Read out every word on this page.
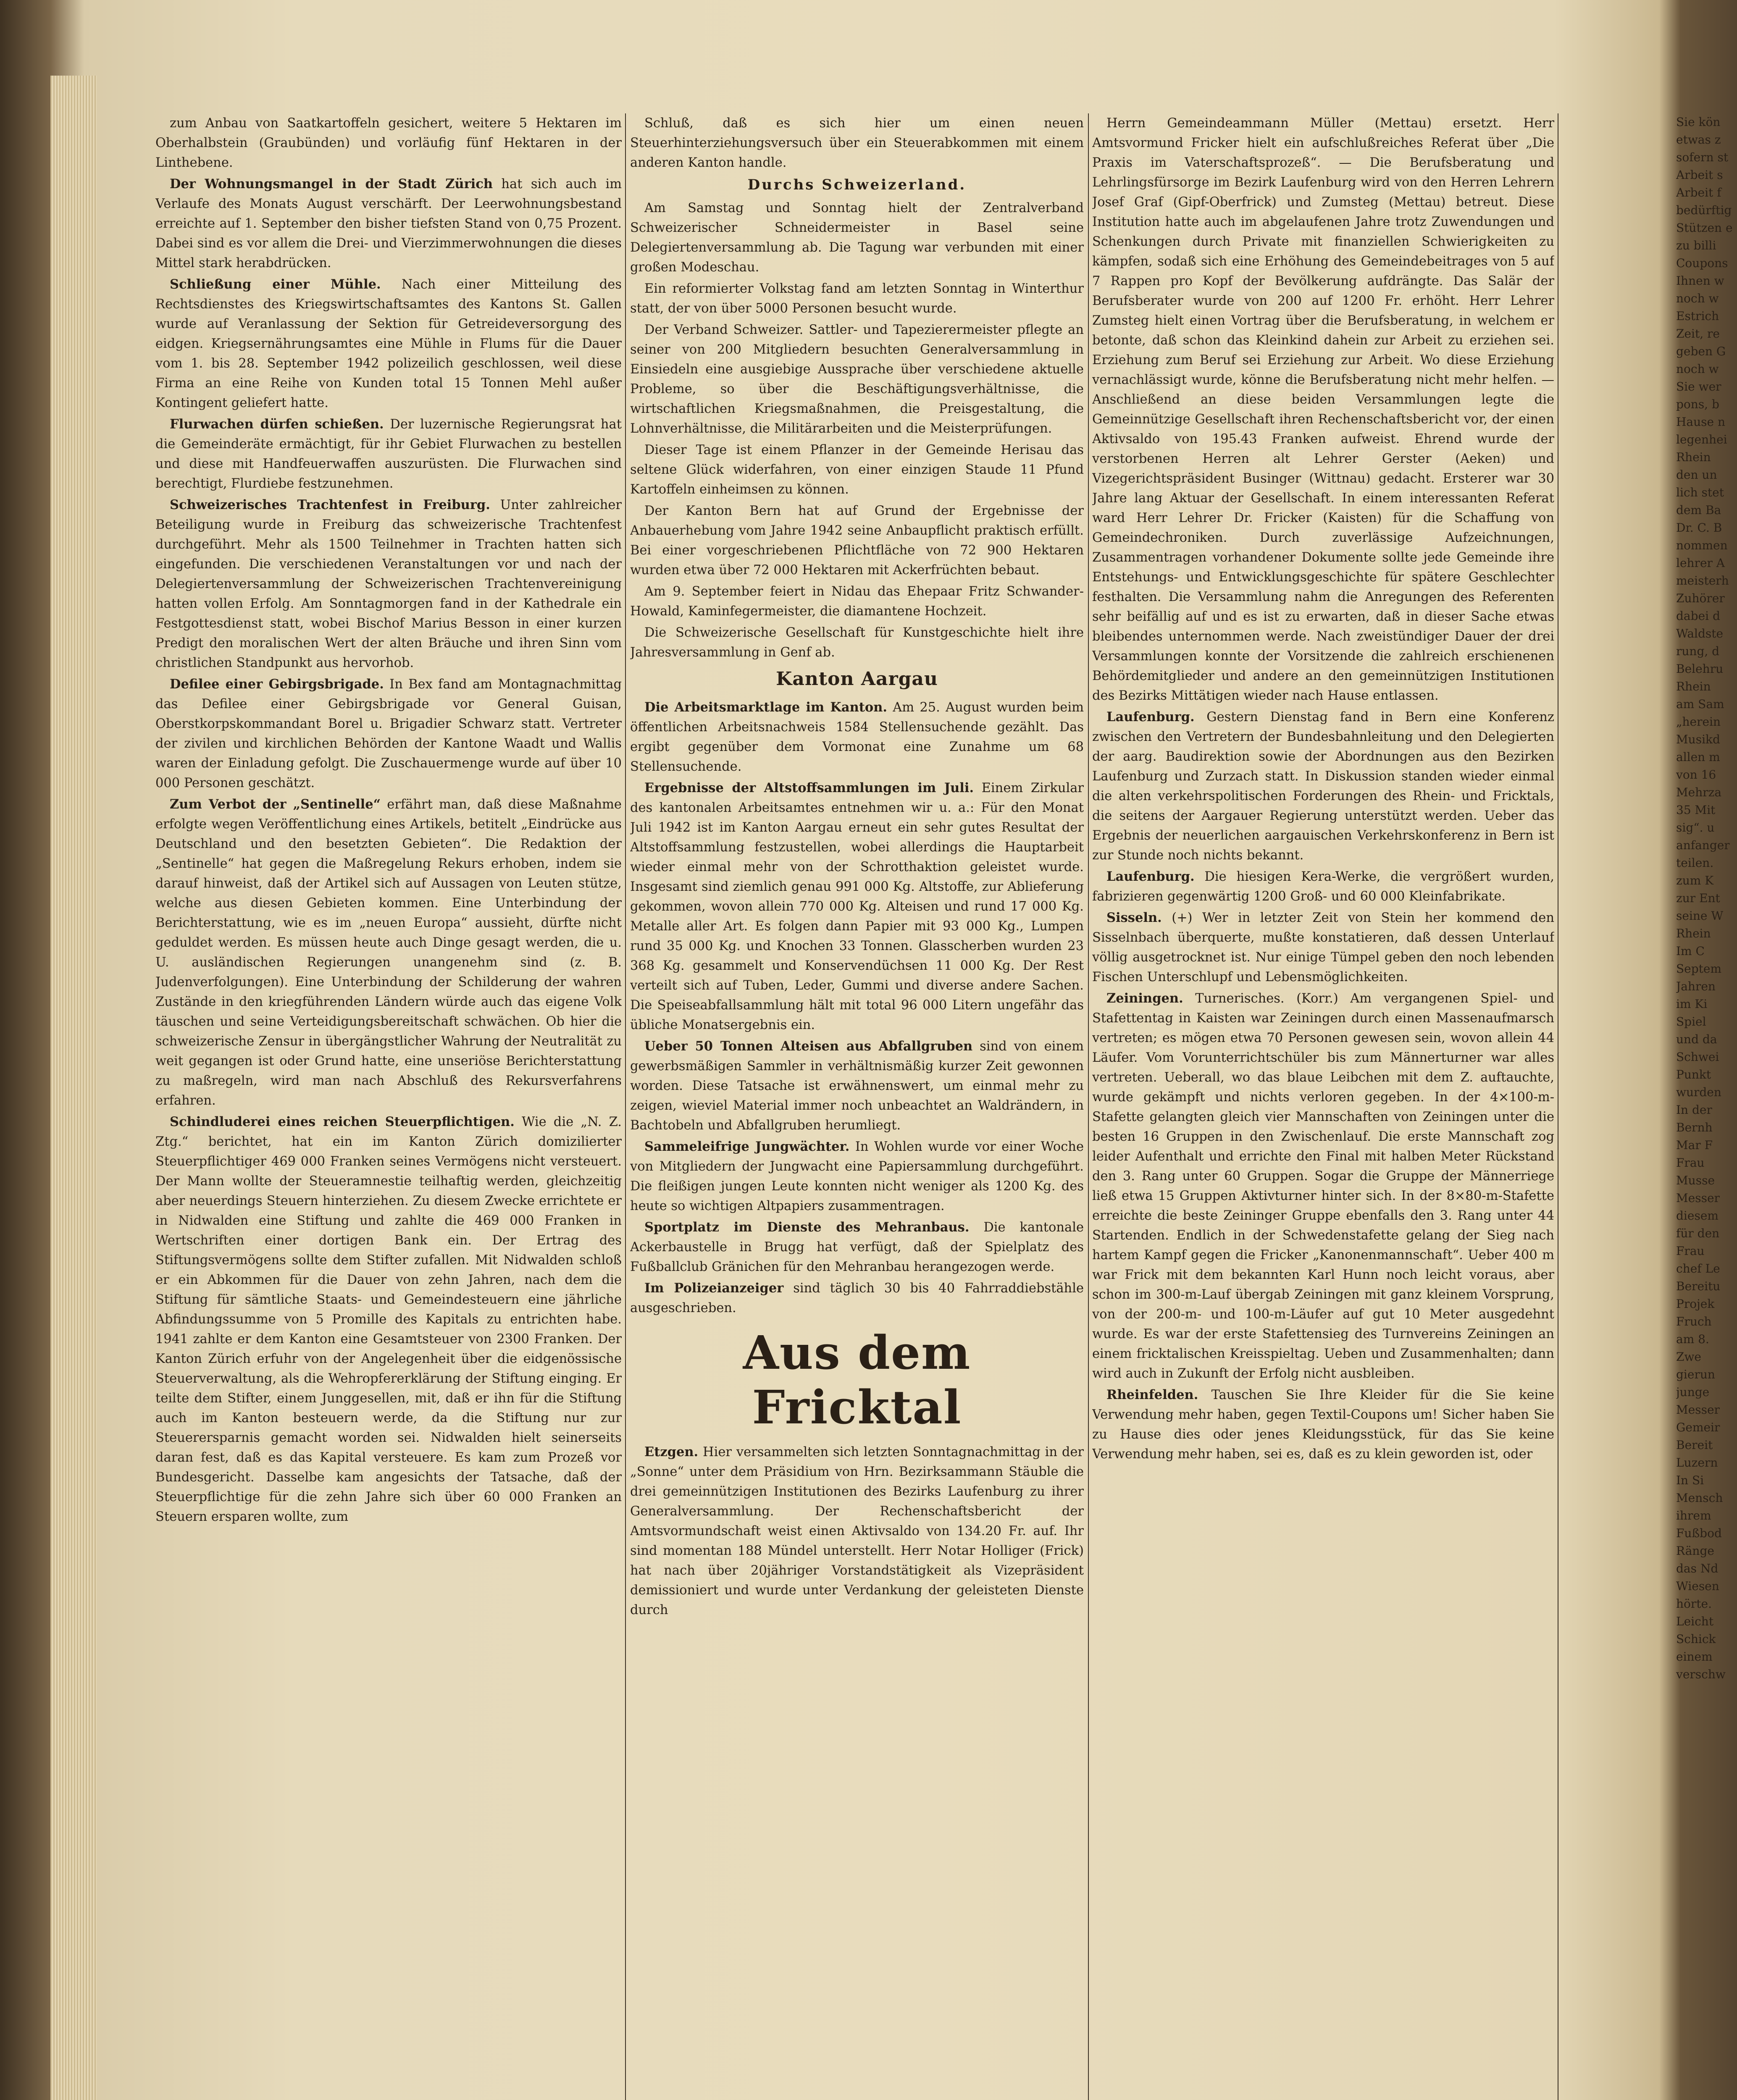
zum Anbau von Saatkartoffeln gesichert, weitere 5 Hektaren im Oberhalbstein (Graubünden) und vorläufig fünf Hektaren in der Linthebene.

Der Wohnungsmangel in der Stadt Zürich hat sich auch im Verlaufe des Monats August verschärft. Der Leerwohnungsbestand erreichte auf 1. September den bisher tiefsten Stand von 0,75 Prozent. Dabei sind es vor allem die Drei- und Vierzimmerwohnungen die dieses Mittel stark herabdrücken.

Schließung einer Mühle. Nach einer Mitteilung des Rechtsdienstes des Kriegswirtschaftsamtes des Kantons St. Gallen wurde auf Veranlassung der Sektion für Getreideversorgung des eidgen. Kriegsernährungsamtes eine Mühle in Flums für die Dauer vom 1. bis 28. September 1942 polizeilich geschlossen, weil diese Firma an eine Reihe von Kunden total 15 Tonnen Mehl außer Kontingent geliefert hatte.

Flurwachen dürfen schießen. Der luzernische Regierungsrat hat die Gemeinderäte ermächtigt, für ihr Gebiet Flurwachen zu bestellen und diese mit Handfeuerwaffen auszurüsten. Die Flurwachen sind berechtigt, Flurdiebe festzunehmen.

Schweizerisches Trachtenfest in Freiburg. Unter zahlreicher Beteiligung wurde in Freiburg das schweizerische Trachtenfest durchgeführt. Mehr als 1500 Teilnehmer in Trachten hatten sich eingefunden. Die verschiedenen Veranstaltungen vor und nach der Delegiertenversammlung der Schweizerischen Trachtenvereinigung hatten vollen Erfolg. Am Sonntagmorgen fand in der Kathedrale ein Festgottesdienst statt, wobei Bischof Marius Besson in einer kurzen Predigt den moralischen Wert der alten Bräuche und ihren Sinn vom christlichen Standpunkt aus hervorhob.

Defilee einer Gebirgsbrigade. In Bex fand am Montagnachmittag das Defilee einer Gebirgsbrigade vor General Guisan, Oberstkorpskommandant Borel u. Brigadier Schwarz statt. Vertreter der zivilen und kirchlichen Behörden der Kantone Waadt und Wallis waren der Einladung gefolgt. Die Zuschauermenge wurde auf über 10 000 Personen geschätzt.

Zum Verbot der „Sentinelle“ erfährt man, daß diese Maßnahme erfolgte wegen Veröffentlichung eines Artikels, betitelt „Eindrücke aus Deutschland und den besetzten Gebieten“. Die Redaktion der „Sentinelle“ hat gegen die Maßregelung Rekurs erhoben, indem sie darauf hinweist, daß der Artikel sich auf Aussagen von Leuten stütze, welche aus diesen Gebieten kommen. Eine Unterbindung der Berichterstattung, wie es im „neuen Europa“ aussieht, dürfte nicht geduldet werden. Es müssen heute auch Dinge gesagt werden, die u. U. ausländischen Regierungen unangenehm sind (z. B. Judenverfolgungen). Eine Unterbindung der Schilderung der wahren Zustände in den kriegführenden Ländern würde auch das eigene Volk täuschen und seine Verteidigungsbereitschaft schwächen. Ob hier die schweizerische Zensur in übergängstlicher Wahrung der Neutralität zu weit gegangen ist oder Grund hatte, eine unseriöse Berichterstattung zu maßregeln, wird man nach Abschluß des Rekursverfahrens erfahren.

Schindluderei eines reichen Steuerpflichtigen. Wie die „N. Z. Ztg.“ berichtet, hat ein im Kanton Zürich domizilierter Steuerpflichtiger 469 000 Franken seines Vermögens nicht versteuert. Der Mann wollte der Steueramnestie teilhaftig werden, gleichzeitig aber neuerdings Steuern hinterziehen. Zu diesem Zwecke errichtete er in Nidwalden eine Stiftung und zahlte die 469 000 Franken in Wertschriften einer dortigen Bank ein. Der Ertrag des Stiftungsvermögens sollte dem Stifter zufallen. Mit Nidwalden schloß er ein Abkommen für die Dauer von zehn Jahren, nach dem die Stiftung für sämtliche Staats- und Gemeindesteuern eine jährliche Abfindungssumme von 5 Promille des Kapitals zu entrichten habe. 1941 zahlte er dem Kanton eine Gesamtsteuer von 2300 Franken. Der Kanton Zürich erfuhr von der Angelegenheit über die eidgenössische Steuerverwaltung, als die Wehropfererklärung der Stiftung einging. Er teilte dem Stifter, einem Junggesellen, mit, daß er ihn für die Stiftung auch im Kanton besteuern werde, da die Stiftung nur zur Steuerersparnis gemacht worden sei. Nidwalden hielt seinerseits daran fest, daß es das Kapital versteuere. Es kam zum Prozeß vor Bundesgericht. Dasselbe kam angesichts der Tatsache, daß der Steuerpflichtige für die zehn Jahre sich über 60 000 Franken an Steuern ersparen wollte, zum

Schluß, daß es sich hier um einen neuen Steuerhinterziehungsversuch über ein Steuerabkommen mit einem anderen Kanton handle.

Durchs Schweizerland.

Am Samstag und Sonntag hielt der Zentralverband Schweizerischer Schneidermeister in Basel seine Delegiertenversammlung ab. Die Tagung war verbunden mit einer großen Modeschau.

Ein reformierter Volkstag fand am letzten Sonntag in Winterthur statt, der von über 5000 Personen besucht wurde.

Der Verband Schweizer. Sattler- und Tapezierermeister pflegte an seiner von 200 Mitgliedern besuchten Generalversammlung in Einsiedeln eine ausgiebige Aussprache über verschiedene aktuelle Probleme, so über die Beschäftigungsverhältnisse, die wirtschaftlichen Kriegsmaßnahmen, die Preisgestaltung, die Lohnverhältnisse, die Militärarbeiten und die Meisterprüfungen.

Dieser Tage ist einem Pflanzer in der Gemeinde Herisau das seltene Glück widerfahren, von einer einzigen Staude 11 Pfund Kartoffeln einheimsen zu können.

Der Kanton Bern hat auf Grund der Ergebnisse der Anbauerhebung vom Jahre 1942 seine Anbaupflicht praktisch erfüllt. Bei einer vorgeschriebenen Pflichtfläche von 72 900 Hektaren wurden etwa über 72 000 Hektaren mit Ackerfrüchten bebaut.

Am 9. September feiert in Nidau das Ehepaar Fritz Schwander-Howald, Kaminfegermeister, die diamantene Hochzeit.

Die Schweizerische Gesellschaft für Kunstgeschichte hielt ihre Jahresversammlung in Genf ab.

Kanton Aargau

Die Arbeitsmarktlage im Kanton. Am 25. August wurden beim öffentlichen Arbeitsnachweis 1584 Stellensuchende gezählt. Das ergibt gegenüber dem Vormonat eine Zunahme um 68 Stellensuchende.

Ergebnisse der Altstoffsammlungen im Juli. Einem Zirkular des kantonalen Arbeitsamtes entnehmen wir u. a.: Für den Monat Juli 1942 ist im Kanton Aargau erneut ein sehr gutes Resultat der Altstoffsammlung festzustellen, wobei allerdings die Hauptarbeit wieder einmal mehr von der Schrotthaktion geleistet wurde. Insgesamt sind ziemlich genau 991 000 Kg. Altstoffe, zur Ablieferung gekommen, wovon allein 770 000 Kg. Alteisen und rund 17 000 Kg. Metalle aller Art. Es folgen dann Papier mit 93 000 Kg., Lumpen rund 35 000 Kg. und Knochen 33 Tonnen. Glasscherben wurden 23 368 Kg. gesammelt und Konservendüchsen 11 000 Kg. Der Rest verteilt sich auf Tuben, Leder, Gummi und diverse andere Sachen. Die Speiseabfallsammlung hält mit total 96 000 Litern ungefähr das übliche Monatsergebnis ein.

Ueber 50 Tonnen Alteisen aus Abfallgruben sind von einem gewerbsmäßigen Sammler in verhältnismäßig kurzer Zeit gewonnen worden. Diese Tatsache ist erwähnenswert, um einmal mehr zu zeigen, wieviel Material immer noch unbeachtet an Waldrändern, in Bachtobeln und Abfallgruben herumliegt.

Sammeleifrige Jungwächter. In Wohlen wurde vor einer Woche von Mitgliedern der Jungwacht eine Papiersammlung durchgeführt. Die fleißigen jungen Leute konnten nicht weniger als 1200 Kg. des heute so wichtigen Altpapiers zusammentragen.

Sportplatz im Dienste des Mehranbaus. Die kantonale Ackerbaustelle in Brugg hat verfügt, daß der Spielplatz des Fußballclub Gränichen für den Mehranbau herangezogen werde.

Im Polizeianzeiger sind täglich 30 bis 40 Fahrraddiebstähle ausgeschrieben.

Aus dem Fricktal

Etzgen. Hier versammelten sich letzten Sonntagnachmittag in der „Sonne“ unter dem Präsidium von Hrn. Bezirksammann Stäuble die drei gemeinnützigen Institutionen des Bezirks Laufenburg zu ihrer Generalversammlung. Der Rechenschaftsbericht der Amtsvormundschaft weist einen Aktivsaldo von 134.20 Fr. auf. Ihr sind momentan 188 Mündel unterstellt. Herr Notar Holliger (Frick) hat nach über 20jähriger Vorstandstätigkeit als Vizepräsident demissioniert und wurde unter Verdankung der geleisteten Dienste durch

Herrn Gemeindeammann Müller (Mettau) ersetzt. Herr Amtsvormund Fricker hielt ein aufschlußreiches Referat über „Die Praxis im Vaterschaftsprozeß“. — Die Berufsberatung und Lehrlingsfürsorge im Bezirk Laufenburg wird von den Herren Lehrern Josef Graf (Gipf-Oberfrick) und Zumsteg (Mettau) betreut. Diese Institution hatte auch im abgelaufenen Jahre trotz Zuwendungen und Schenkungen durch Private mit finanziellen Schwierigkeiten zu kämpfen, sodaß sich eine Erhöhung des Gemeindebeitrages von 5 auf 7 Rappen pro Kopf der Bevölkerung aufdrängte. Das Salär der Berufsberater wurde von 200 auf 1200 Fr. erhöht. Herr Lehrer Zumsteg hielt einen Vortrag über die Berufsberatung, in welchem er betonte, daß schon das Kleinkind dahein zur Arbeit zu erziehen sei. Erziehung zum Beruf sei Erziehung zur Arbeit. Wo diese Erziehung vernachlässigt wurde, könne die Berufsberatung nicht mehr helfen. — Anschließend an diese beiden Versammlungen legte die Gemeinnützige Gesellschaft ihren Rechenschaftsbericht vor, der einen Aktivsaldo von 195.43 Franken aufweist. Ehrend wurde der verstorbenen Herren alt Lehrer Gerster (Aeken) und Vizegerichtspräsident Businger (Wittnau) gedacht. Ersterer war 30 Jahre lang Aktuar der Gesellschaft. In einem interessanten Referat ward Herr Lehrer Dr. Fricker (Kaisten) für die Schaffung von Gemeindechroniken. Durch zuverlässige Aufzeichnungen, Zusammentragen vorhandener Dokumente sollte jede Gemeinde ihre Entstehungs- und Entwicklungsgeschichte für spätere Geschlechter festhalten. Die Versammlung nahm die Anregungen des Referenten sehr beifällig auf und es ist zu erwarten, daß in dieser Sache etwas bleibendes unternommen werde. Nach zweistündiger Dauer der drei Versammlungen konnte der Vorsitzende die zahlreich erschienenen Behördemitglieder und andere an den gemeinnützigen Institutionen des Bezirks Mittätigen wieder nach Hause entlassen.

Laufenburg. Gestern Dienstag fand in Bern eine Konferenz zwischen den Vertretern der Bundesbahnleitung und den Delegierten der aarg. Baudirektion sowie der Abordnungen aus den Bezirken Laufenburg und Zurzach statt. In Diskussion standen wieder einmal die alten verkehrspolitischen Forderungen des Rhein- und Fricktals, die seitens der Aargauer Regierung unterstützt werden. Ueber das Ergebnis der neuerlichen aargauischen Verkehrskonferenz in Bern ist zur Stunde noch nichts bekannt.

Laufenburg. Die hiesigen Kera-Werke, die vergrößert wurden, fabrizieren gegenwärtig 1200 Groß- und 60 000 Kleinfabrikate.

Sisseln. (+) Wer in letzter Zeit von Stein her kommend den Sisselnbach überquerte, mußte konstatieren, daß dessen Unterlauf völlig ausgetrocknet ist. Nur einige Tümpel geben den noch lebenden Fischen Unterschlupf und Lebensmöglichkeiten.

Zeiningen. Turnerisches. (Korr.) Am vergangenen Spiel- und Stafettentag in Kaisten war Zeiningen durch einen Massenaufmarsch vertreten; es mögen etwa 70 Personen gewesen sein, wovon allein 44 Läufer. Vom Vorunterrichtschüler bis zum Männerturner war alles vertreten. Ueberall, wo das blaue Leibchen mit dem Z. auftauchte, wurde gekämpft und nichts verloren gegeben. In der 4×100-m-Stafette gelangten gleich vier Mannschaften von Zeiningen unter die besten 16 Gruppen in den Zwischenlauf. Die erste Mannschaft zog leider Aufenthalt und errichte den Final mit halben Meter Rückstand den 3. Rang unter 60 Gruppen. Sogar die Gruppe der Männerriege ließ etwa 15 Gruppen Aktivturner hinter sich. In der 8×80-m-Stafette erreichte die beste Zeininger Gruppe ebenfalls den 3. Rang unter 44 Startenden. Endlich in der Schwedenstafette gelang der Sieg nach hartem Kampf gegen die Fricker „Kanonenmannschaft“. Ueber 400 m war Frick mit dem bekannten Karl Hunn noch leicht voraus, aber schon im 300-m-Lauf übergab Zeiningen mit ganz kleinem Vorsprung, von der 200-m- und 100-m-Läufer auf gut 10 Meter ausgedehnt wurde. Es war der erste Stafettensieg des Turnvereins Zeiningen an einem fricktalischen Kreisspieltag. Ueben und Zusammenhalten; dann wird auch in Zukunft der Erfolg nicht ausbleiben.

Rheinfelden. Tauschen Sie Ihre Kleider für die Sie keine Verwendung mehr haben, gegen Textil-Coupons um! Sicher haben Sie zu Hause dies oder jenes Kleidungsstück, für das Sie keine Verwendung mehr haben, sei es, daß es zu klein geworden ist, oder

Sie kön
etwas z
sofern st
Arbeit s
Arbeit f
bedürftig
Stützen e
zu billi
Coupons
Ihnen w
noch w
Estrich
Zeit, re
geben G
noch w
Sie wer
pons, b
Hause n
legenhei
Rhein
den un
lich stet
dem Ba
Dr. C. B
nommen
lehrer A
meisterh
Zuhörer
dabei d
Waldste
rung, d
Belehru
Rhein
am Sam
„herein
Musikd
allen m
von 16
Mehrza
35 Mit
sig“. u
anfanger
teilen.
zum K
zur Ent
seine W
Rhein
Im C
Septem
Jahren
im Ki
Spiel
und da
Schwei
Punkt
wurden
In der
Bernh
Mar F
Frau
Musse
Messer
diesem
für den
Frau
chef Le
Bereitu
Projek
Fruch
am 8.
Zwe
gierun
junge
Messer
Gemeir
Bereit
Luzern
In Si
Mensch
ihrem
Fußbod
Ränge
das Nd
Wiesen
hörte.
Leicht
Schick
einem
verschw
